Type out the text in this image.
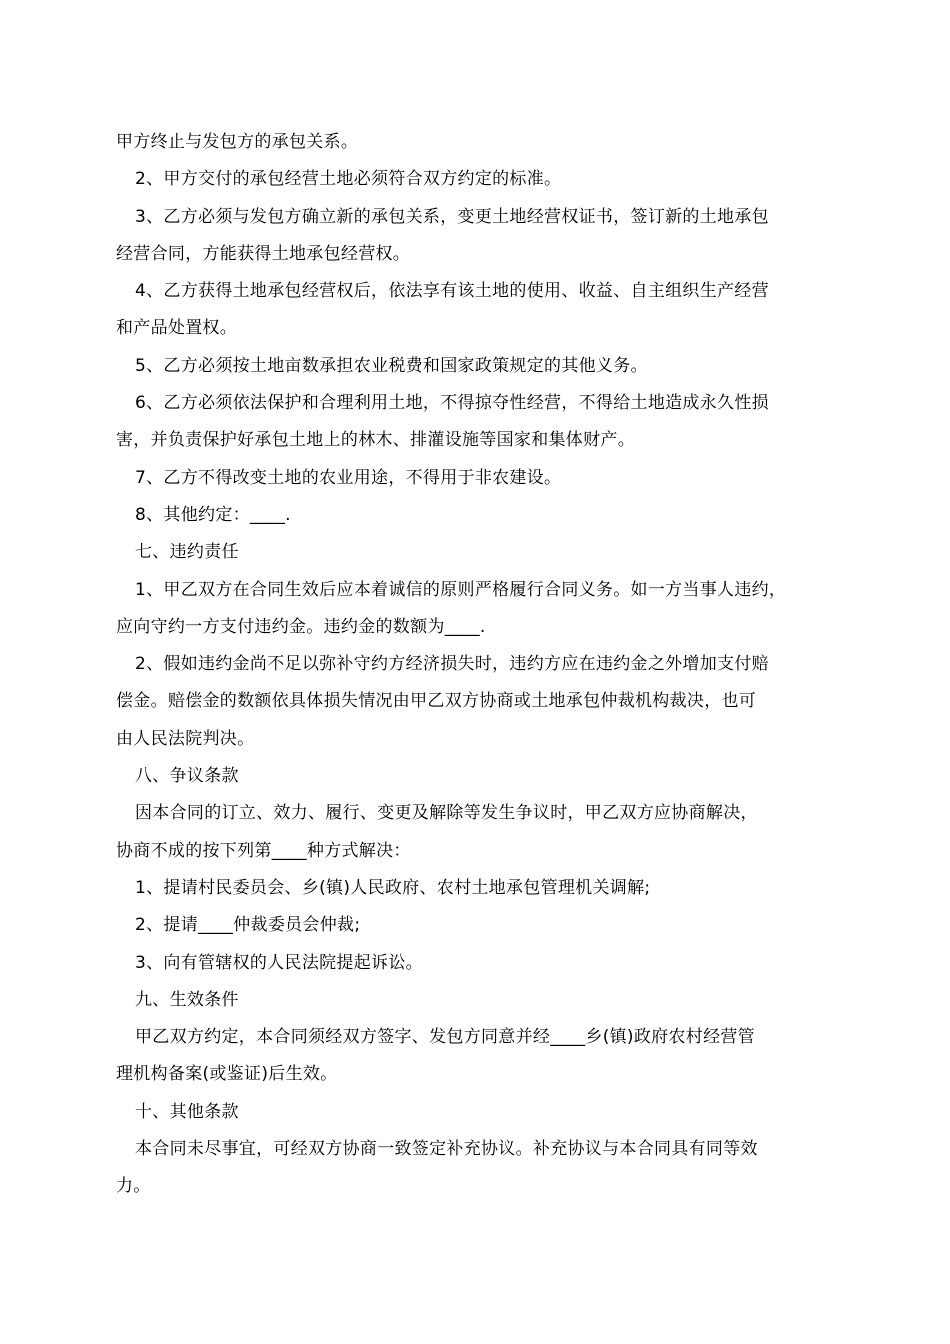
甲方终止与发包方的承包关系。
2、甲方交付的承包经营土地必须符合双方约定的标准。
3、乙方必须与发包方确立新的承包关系，变更土地经营权证书，签订新的土地承包
经营合同，方能获得土地承包经营权。
4、乙方获得土地承包经营权后，依法享有该土地的使用、收益、自主组织生产经营
和产品处置权。
5、乙方必须按土地亩数承担农业税费和国家政策规定的其他义务。
6、乙方必须依法保护和合理利用土地，不得掠夺性经营，不得给土地造成永久性损
害，并负责保护好承包土地上的林木、排灌设施等国家和集体财产。
7、乙方不得改变土地的农业用途，不得用于非农建设。
8、其他约定：____.
七、违约责任
1、甲乙双方在合同生效后应本着诚信的原则严格履行合同义务。如一方当事人违约，
应向守约一方支付违约金。违约金的数额为____.
2、假如违约金尚不足以弥补守约方经济损失时，违约方应在违约金之外增加支付赔
偿金。赔偿金的数额依具体损失情况由甲乙双方协商或土地承包仲裁机构裁决，也可
由人民法院判决。
八、争议条款
因本合同的订立、效力、履行、变更及解除等发生争议时，甲乙双方应协商解决，
协商不成的按下列第____种方式解决：
1、提请村民委员会、乡(镇)人民政府、农村土地承包管理机关调解;
2、提请____仲裁委员会仲裁;
3、向有管辖权的人民法院提起诉讼。
九、生效条件
甲乙双方约定，本合同须经双方签字、发包方同意并经____乡(镇)政府农村经营管
理机构备案(或鉴证)后生效。
十、其他条款
本合同未尽事宜，可经双方协商一致签定补充协议。补充协议与本合同具有同等效
力。
